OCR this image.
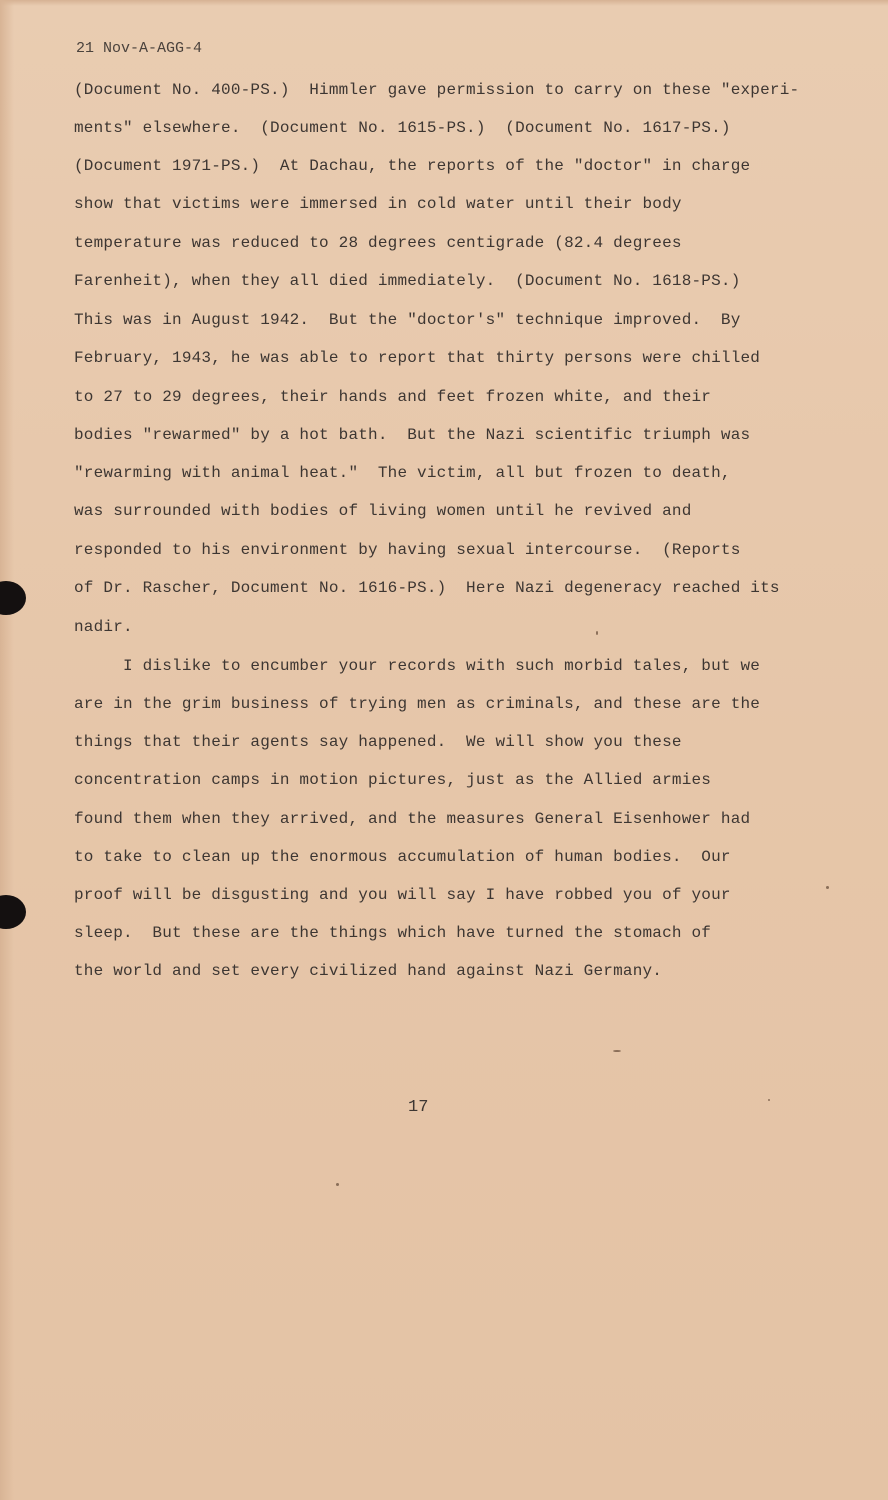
21 Nov-A-AGG-4

(Document No. 400-PS.)  Himmler gave permission to carry on these "experi-

ments" elsewhere.  (Document No. 1615-PS.)  (Document No. 1617-PS.)

(Document 1971-PS.)  At Dachau, the reports of the "doctor" in charge

show that victims were immersed in cold water until their body

temperature was reduced to 28 degrees centigrade (82.4 degrees

Farenheit), when they all died immediately.  (Document No. 1618-PS.)

This was in August 1942.  But the "doctor's" technique improved.  By

February, 1943, he was able to report that thirty persons were chilled

to 27 to 29 degrees, their hands and feet frozen white, and their

bodies "rewarmed" by a hot bath.  But the Nazi scientific triumph was

"rewarming with animal heat."  The victim, all but frozen to death,

was surrounded with bodies of living women until he revived and

responded to his environment by having sexual intercourse.  (Reports

of Dr. Rascher, Document No. 1616-PS.)  Here Nazi degeneracy reached its

nadir.

I dislike to encumber your records with such morbid tales, but we

are in the grim business of trying men as criminals, and these are the

things that their agents say happened.  We will show you these

concentration camps in motion pictures, just as the Allied armies

found them when they arrived, and the measures General Eisenhower had

to take to clean up the enormous accumulation of human bodies.  Our

proof will be disgusting and you will say I have robbed you of your

sleep.  But these are the things which have turned the stomach of

the world and set every civilized hand against Nazi Germany.

17
